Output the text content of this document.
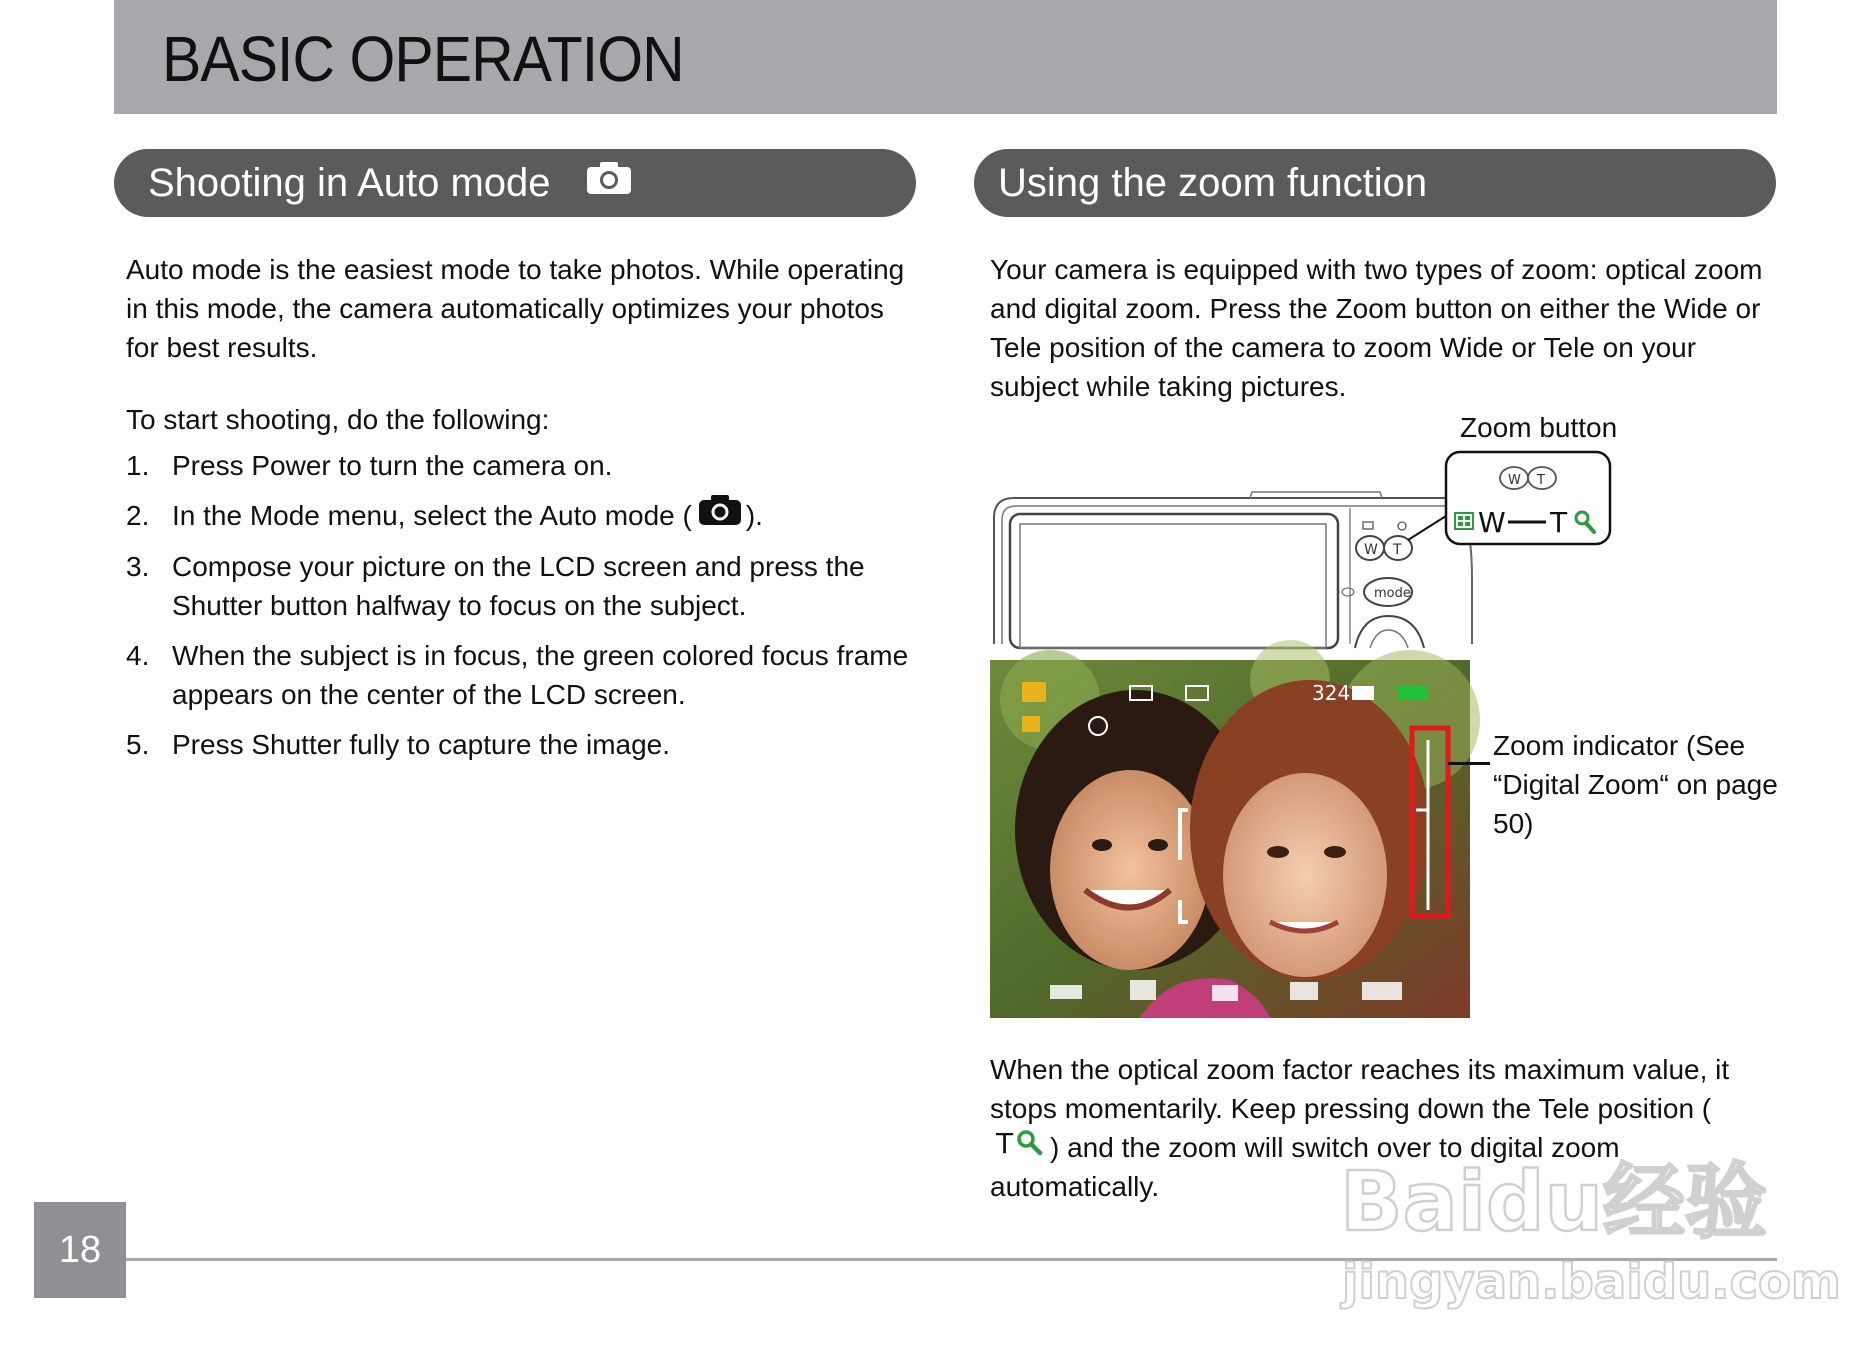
BASIC OPERATION
Shooting in Auto mode
Auto mode is the easiest mode to take photos. While operating in this mode, the camera automatically optimizes your photos for best results.
To start shooting, do the following:
1. Press Power to turn the camera on.
2. In the Mode menu, select the Auto mode ( ).
3. Compose your picture on the LCD screen and press the Shutter button halfway to focus on the subject.
4. When the subject is in focus, the green colored focus frame appears on the center of the LCD screen.
5. Press Shutter fully to capture the image.
Using the zoom function
Your camera is equipped with two types of zoom: optical zoom and digital zoom. Press the Zoom button on either the Wide or Tele position of the camera to zoom Wide or Tele on your subject while taking pictures.
Zoom button
W T
mode
W T
W T
324
Zoom indicator (See “Digital Zoom“ on page 50)
When the optical zoom factor reaches its maximum value, it stops momentarily. Keep pressing down the Tele position (
T ) and the zoom will switch over to digital zoom automatically.
18	Baidu经验
jingyan.baidu.com
